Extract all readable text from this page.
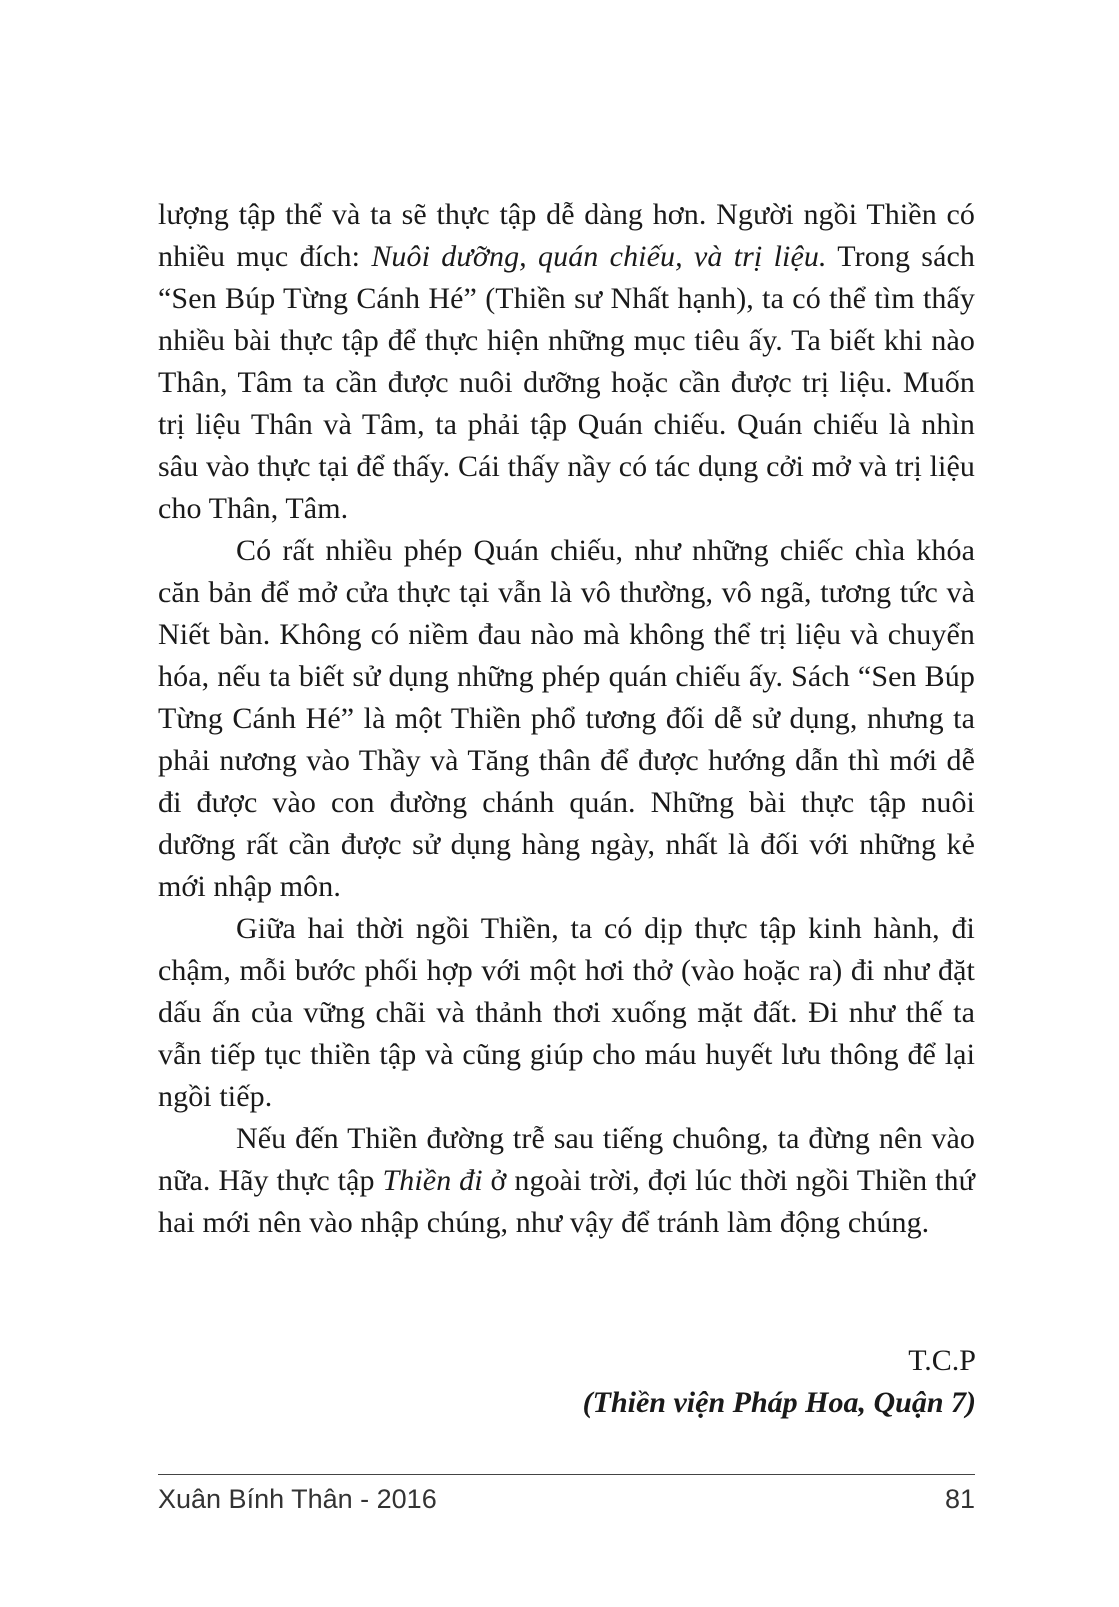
lượng tập thể và ta sẽ thực tập dễ dàng hơn. Người ngồi Thiền có nhiều mục đích: Nuôi dưỡng, quán chiếu, và trị liệu. Trong sách “Sen Búp Từng Cánh Hé” (Thiền sư Nhất hạnh), ta có thể tìm thấy nhiều bài thực tập để thực hiện những mục tiêu ấy. Ta biết khi nào Thân, Tâm ta cần được nuôi dưỡng hoặc cần được trị liệu. Muốn trị liệu Thân và Tâm, ta phải tập Quán chiếu. Quán chiếu là nhìn sâu vào thực tại để thấy. Cái thấy nầy có tác dụng cởi mở và trị liệu cho Thân, Tâm.

Có rất nhiều phép Quán chiếu, như những chiếc chìa khóa căn bản để mở cửa thực tại vẫn là vô thường, vô ngã, tương tức và Niết bàn. Không có niềm đau nào mà không thể trị liệu và chuyển hóa, nếu ta biết sử dụng những phép quán chiếu ấy. Sách “Sen Búp Từng Cánh Hé” là một Thiền phổ tương đối dễ sử dụng, nhưng ta phải nương vào Thầy và Tăng thân để được hướng dẫn thì mới dễ đi được vào con đường chánh quán. Những bài thực tập nuôi dưỡng rất cần được sử dụng hàng ngày, nhất là đối với những kẻ mới nhập môn.

Giữa hai thời ngồi Thiền, ta có dịp thực tập kinh hành, đi chậm, mỗi bước phối hợp với một hơi thở (vào hoặc ra) đi như đặt dấu ấn của vững chãi và thảnh thơi xuống mặt đất. Đi như thế ta vẫn tiếp tục thiền tập và cũng giúp cho máu huyết lưu thông để lại ngồi tiếp.

Nếu đến Thiền đường trễ sau tiếng chuông, ta đừng nên vào nữa. Hãy thực tập Thiền đi ở ngoài trời, đợi lúc thời ngồi Thiền thứ hai mới nên vào nhập chúng, như vậy để tránh làm động chúng.

T.C.P
(Thiền viện Pháp Hoa, Quận 7)
Xuân Bính Thân - 2016	81
